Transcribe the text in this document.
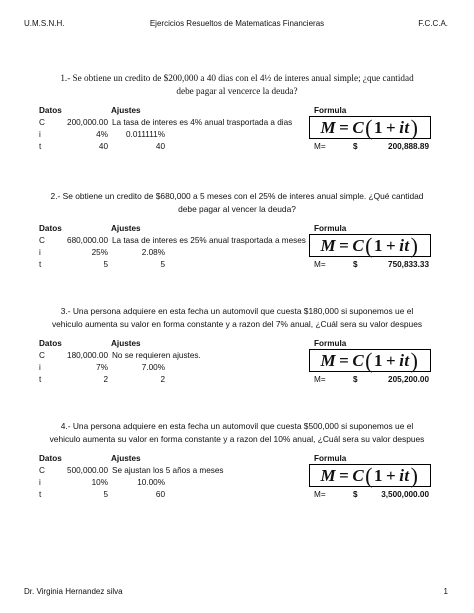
U.M.S.N.H.	Ejercicios Resueltos de Matematicas Financieras	F.C.C.A.
1.- Se obtiene un credito de $200,000 a 40 dias con el 4½ de interes anual simple; ¿que cantidad
debe pagar al vencerce la deuda?
Datos	Ajustes	Formula
C	200,000.00 La tasa de interes es 4% anual trasportada a dias
i	4%	0.011111%
t	40	40
M = C ( 1 + it )
M=	$	200,888.89
2.- Se obtiene un credito de $680,000 a 5 meses con el 25% de interes anual simple. ¿Qué cantidad
debe pagar al vencer la deuda?
Datos	Ajustes	Formula
C	680,000.00 La tasa de interes es 25% anual trasportada a meses
i	25%	2.08%
t	5	5
M = C ( 1 + it )
M=	$	750,833.33
3.- Una persona adquiere en esta fecha un automovil que cuesta $180,000 si suponemos ue el
vehiculo aumenta su valor en forma constante y a razon del 7% anual, ¿Cuál sera su valor despues
Datos	Ajustes	Formula
C	180,000.00 No se requieren ajustes.
i	7%	7.00%
t	2	2
M = C ( 1 + it )
M=	$	205,200.00
4.- Una persona adquiere en esta fecha un automovil que cuesta $500,000 si suponemos ue el
vehiculo aumenta su valor en forma constante y a razon del 10% anual, ¿Cuál sera su valor despues
Datos	Ajustes	Formula
C	500,000.00 Se ajustan los 5 años a meses
i	10%	10.00%
t	5	60
M = C ( 1 + it )
M=	$	3,500,000.00
Dr. Virginia Hernandez silva	1
